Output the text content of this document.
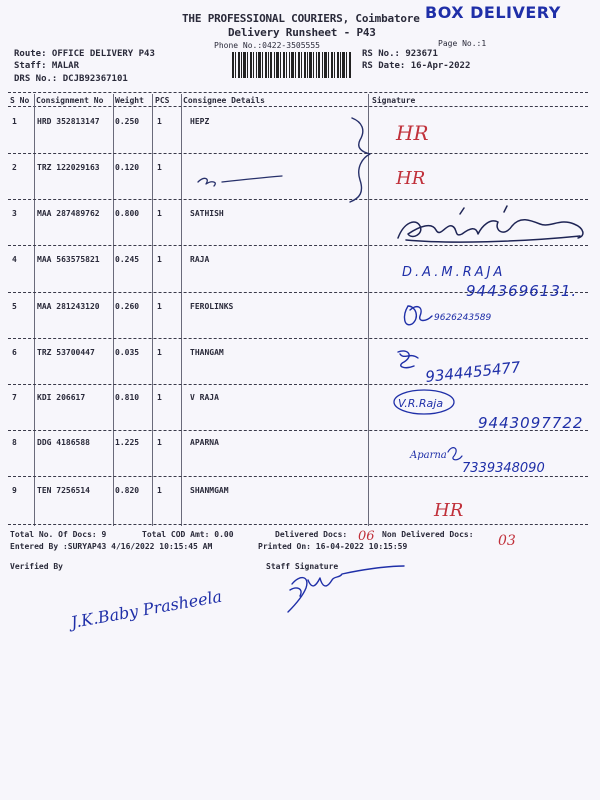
THE PROFESSIONAL COURIERS, Coimbatore BOX DELIVERY
Delivery Runsheet - P43
Phone No.:0422-3505555	Page No.:1
Route: OFFICE DELIVERY P43
Staff: MALAR
DRS No.: DCJB92367101
RS No.: 923671
RS Date: 16-Apr-2022
S No Consignment No Weight PCS Consignee Details	Signature
1	HRD 352813147 0.250 1	HEPZ
2	TRZ 122029163 0.120 1
3	MAA 287489762 0.800 1	SATHISH
4	MAA 563575821 0.245 1	RAJA
5	MAA 281243120 0.260 1	FEROLINKS
6	TRZ 53700447	0.035 1	THANGAM
7	KDI 206617	0.810 1	V RAJA
8	DDG 4186588	1.225 1	APARNA
9	TEN 7256514	0.820 1	SHANMGAM
Total No. Of Docs: 9	Total COD Amt: 0.00	Delivered Docs:	Non Delivered Docs:
Entered By :SURYAP43 4/16/2022 10:15:45 AM	Printed On: 16-04-2022 10:15:59
Verified By	Staff Signature
HR
HR
HR
D.A.M.RAJA
9443696131.
9626243589
9344455477
V.R.Raja
9443097722
Aparna
7339348090
06	03
J.K.Baby Prasheela
